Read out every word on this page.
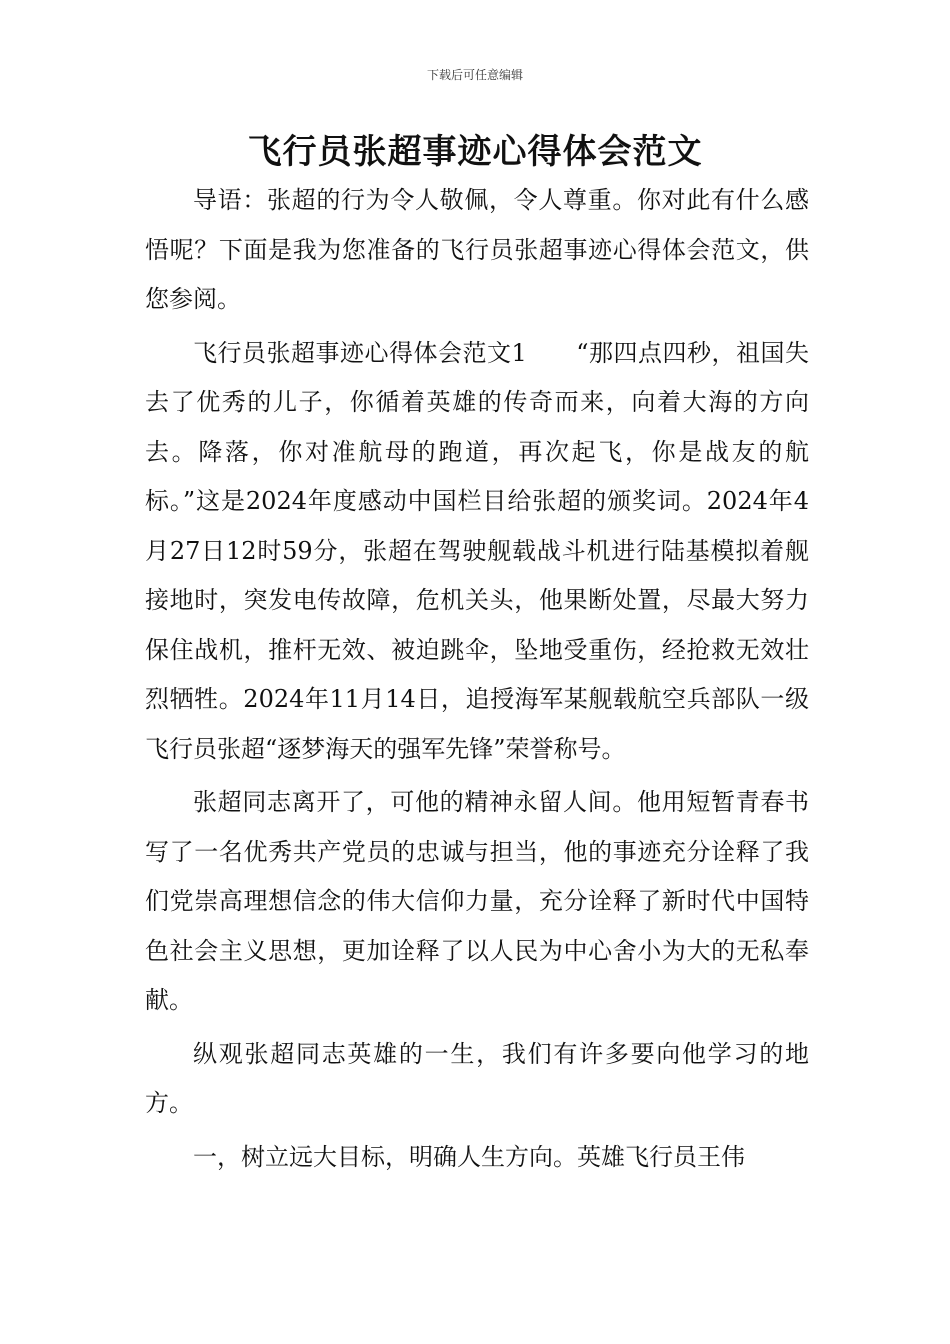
下载后可任意编辑
飞行员张超事迹心得体会范文

导语：张超的行为令人敬佩，令人尊重。你对此有什么感悟呢？下面是我为您准备的飞行员张超事迹心得体会范文，供您参阅。

飞行员张超事迹心得体会范文1　　“那四点四秒，祖国失去了优秀的儿子，你循着英雄的传奇而来，向着大海的方向去。降落，你对准航母的跑道，再次起飞，你是战友的航标。”这是2024年度感动中国栏目给张超的颁奖词。2024年4月27日12时59分，张超在驾驶舰载战斗机进行陆基模拟着舰接地时，突发电传故障，危机关头，他果断处置，尽最大努力保住战机，推杆无效、被迫跳伞，坠地受重伤，经抢救无效壮烈牺牲。2024年11月14日，追授海军某舰载航空兵部队一级飞行员张超“逐梦海天的强军先锋”荣誉称号。

张超同志离开了，可他的精神永留人间。他用短暂青春书写了一名优秀共产党员的忠诚与担当，他的事迹充分诠释了我们党崇高理想信念的伟大信仰力量，充分诠释了新时代中国特色社会主义思想，更加诠释了以人民为中心舍小为大的无私奉献。

纵观张超同志英雄的一生，我们有许多要向他学习的地方。

一，树立远大目标，明确人生方向。英雄飞行员王伟
